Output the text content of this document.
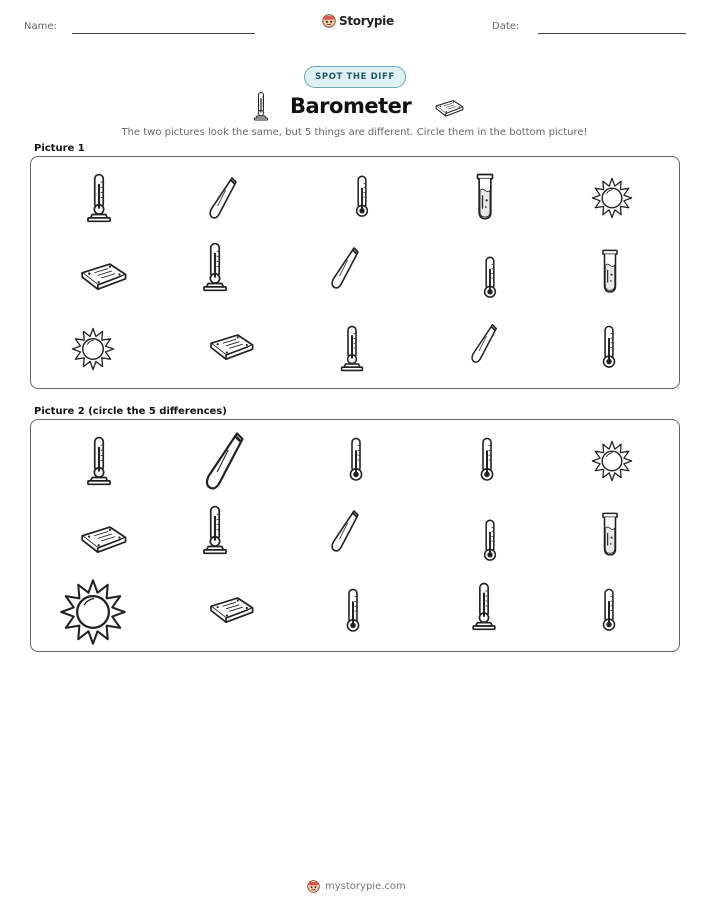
Name:	Storypie	Date:
SPOT THE DIFF
Barometer
The two pictures look the same, but 5 things are different. Circle them in the bottom picture!
Picture 1
Picture 2 (circle the 5 differences)
mystorypie.com
